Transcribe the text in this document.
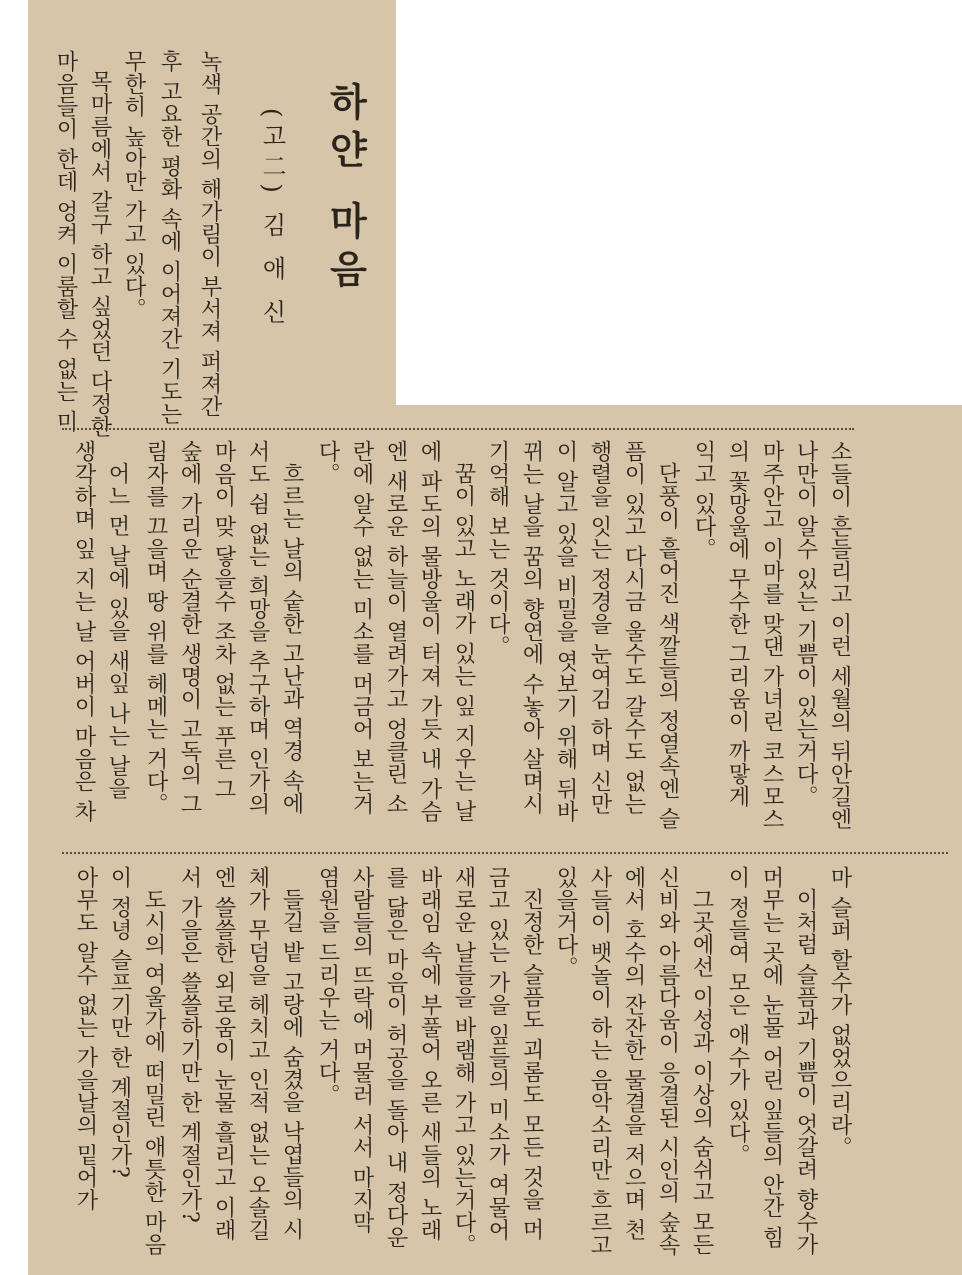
하얀 마음
(고二) 김 애 신
녹색 공간의 해가림이 부서져 퍼져간
후 고요한 평화 속에 이어져간 기도는
무한히 높아만 가고 있다。
목마름에서 갈구 하고 싶었던 다정한
마음들이 한데 엉켜 이룸할 수 없는 미
소들이 흔들리고 이런 세월의 뒤안길엔
나만이 알수 있는 기쁨이 있는거다。
마주안고 이마를 맞댄 가녀린 코스모스
의 꽃망울에 무수한 그리움이 까맣게
익고 있다。
단풍이 흩어진 색깔들의 정열속엔 슬
픔이 있고 다시금 울수도 갈수도 없는
행렬을 잇는 정경을 눈여김 하며 신만
이 알고 있을 비밀을 엿보기 위해 뒤바
뀌는 날을 꿈의 향연에 수놓아 살며시
기억해 보는 것이다。
꿈이 있고 노래가 있는 잎 지우는 날
에 파도의 물방울이 터져 가듯 내 가슴
엔 새로운 하늘이 열려가고 엉클린 소
란에 알수 없는 미소를 머금어 보는거
다。
흐르는 날의 숱한 고난과 역경 속에
서도 쉼 없는 희망을 추구하며 인가의
마음이 맞 닿을수 조차 없는 푸른 그
숲에 가리운 순결한 생명이 고독의 그
림자를 끄을며 땅 위를 헤메는 거다。
어느 먼 날에 있을 새잎 나는 날을
생각하며 잎 지는 날 어버이 마음은 차
마 슬퍼 할수가 없었으리라。
이처럼 슬픔과 기쁨이 엇갈려 향수가
머무는 곳에 눈물 어린 잎들의 안간 힘
이 정들여 모은 애수가 있다。
그곳에선 이성과 이상의 숨쉬고 모든
신비와 아름다움이 응결된 시인의 숲속
에서 호수의 잔잔한 물결을 저으며 천
사들이 뱃놀이 하는 음악소리만 흐르고
있을거다。
진정한 슬픔도 괴롬도 모든 것을 머
금고 있는 가을 잎들의 미소가 여물어
새로운 날들을 바램해 가고 있는거다。
바래임 속에 부풀어 오른 새들의 노래
를 닮은 마음이 허공을 돌아 내 정다운
사람들의 뜨락에 머물러 서서 마지막
염원을 드리우는 거다。
들길 밭 고랑에 숨겼을 낙엽들의 시
체가 무덤을 헤치고 인적 없는 오솔길
엔 쓸쓸한 외로움이 눈물 흘리고 이래
서 가을은 쓸쓸하기만 한 계절인가?
도시의 여울가에 떠밀린 애틋한 마음
이 정녕 슬프기만 한 계절인가?
아무도 알수 없는 가을날의 밑어가
